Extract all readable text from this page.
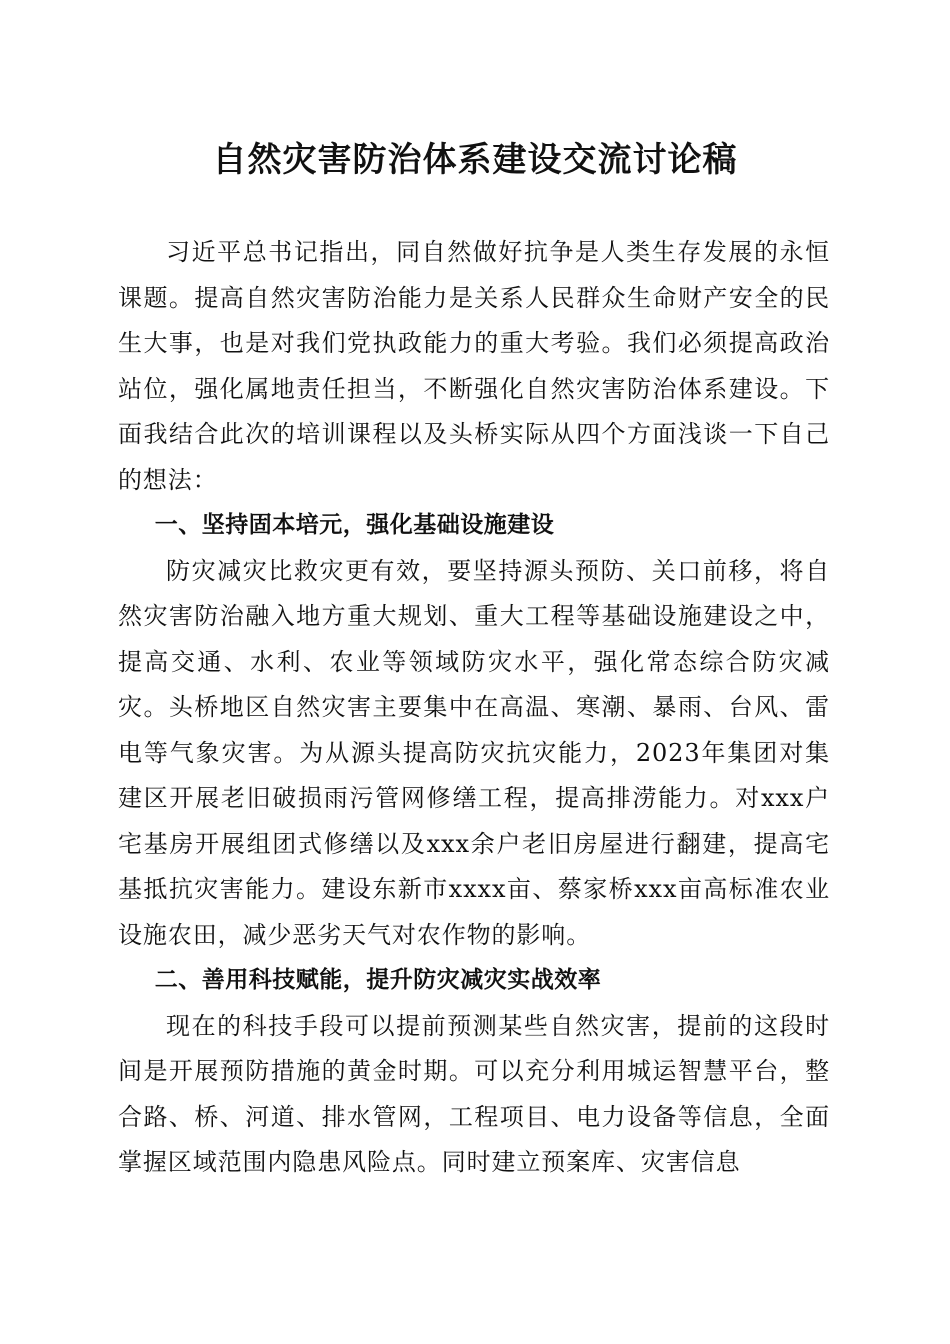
自然灾害防治体系建设交流讨论稿

习近平总书记指出，同自然做好抗争是人类生存发展的永恒课题。提高自然灾害防治能力是关系人民群众生命财产安全的民生大事，也是对我们党执政能力的重大考验。我们必须提高政治站位，强化属地责任担当，不断强化自然灾害防治体系建设。下面我结合此次的培训课程以及头桥实际从四个方面浅谈一下自己的想法：

一、坚持固本培元，强化基础设施建设

防灾减灾比救灾更有效，要坚持源头预防、关口前移，将自然灾害防治融入地方重大规划、重大工程等基础设施建设之中，提高交通、水利、农业等领域防灾水平，强化常态综合防灾减灾。头桥地区自然灾害主要集中在高温、寒潮、暴雨、台风、雷电等气象灾害。为从源头提高防灾抗灾能力，2023年集团对集建区开展老旧破损雨污管网修缮工程，提高排涝能力。对xxx户宅基房开展组团式修缮以及xxx余户老旧房屋进行翻建，提高宅基抵抗灾害能力。建设东新市xxxx亩、蔡家桥xxx亩高标准农业设施农田，减少恶劣天气对农作物的影响。

二、善用科技赋能，提升防灾减灾实战效率

现在的科技手段可以提前预测某些自然灾害，提前的这段时间是开展预防措施的黄金时期。可以充分利用城运智慧平台，整合路、桥、河道、排水管网，工程项目、电力设备等信息，全面掌握区域范围内隐患风险点。同时建立预案库、灾害信息
